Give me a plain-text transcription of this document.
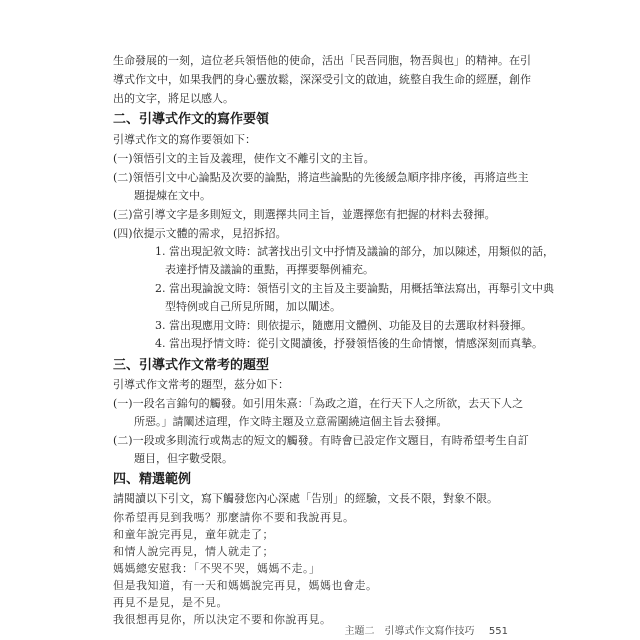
生命發展的一刻，這位老兵領悟他的使命，活出「民吾同胞，物吾與也」的精神。在引
導式作文中，如果我們的身心靈放鬆，深深受引文的啟迪，統整自我生命的經歷，創作
出的文字，將足以感人。
二、引導式作文的寫作要領
引導式作文的寫作要領如下：
(一)領悟引文的主旨及義理，使作文不離引文的主旨。
(二)領悟引文中心論點及次要的論點，將這些論點的先後緩急順序排序後，再將這些主
題提煉在文中。
(三)當引導文字是多則短文，則選擇共同主旨，並選擇您有把握的材料去發揮。
(四)依提示文體的需求，見招拆招。
1. 當出現記敘文時：試著找出引文中抒情及議論的部分，加以陳述，用類似的話，
表達抒情及議論的重點，再擇要舉例補充。
2. 當出現論說文時：領悟引文的主旨及主要論點，用概括筆法寫出，再舉引文中典
型特例或自己所見所聞，加以闡述。
3. 當出現應用文時：則依提示，隨應用文體例、功能及目的去選取材料發揮。
4. 當出現抒情文時：從引文閱讀後，抒發領悟後的生命情懷，情感深刻而真摯。
三、引導式作文常考的題型
引導式作文常考的題型，茲分如下：
(一)一段名言錦句的觸發。如引用朱熹：「為政之道，在行天下人之所欲，去天下人之
所惡。」請闡述這理，作文時主題及立意需圍繞這個主旨去發揮。
(二)一段或多則流行或雋志的短文的觸發。有時會已設定作文題目，有時希望考生自訂
題目，但字數受限。
四、精選範例
請閱讀以下引文，寫下觸發您內心深處「告別」的經驗，文長不限，對象不限。
你希望再見到我嗎？那麼請你不要和我說再見。
和童年說完再見，童年就走了；
和情人說完再見，情人就走了；
媽媽總安慰我：「不哭不哭，媽媽不走。」
但是我知道，有一天和媽媽說完再見，媽媽也會走。
再見不是見，是不見。
我很想再見你，所以決定不要和你說再見。
主題二　引導式作文寫作技巧 551
